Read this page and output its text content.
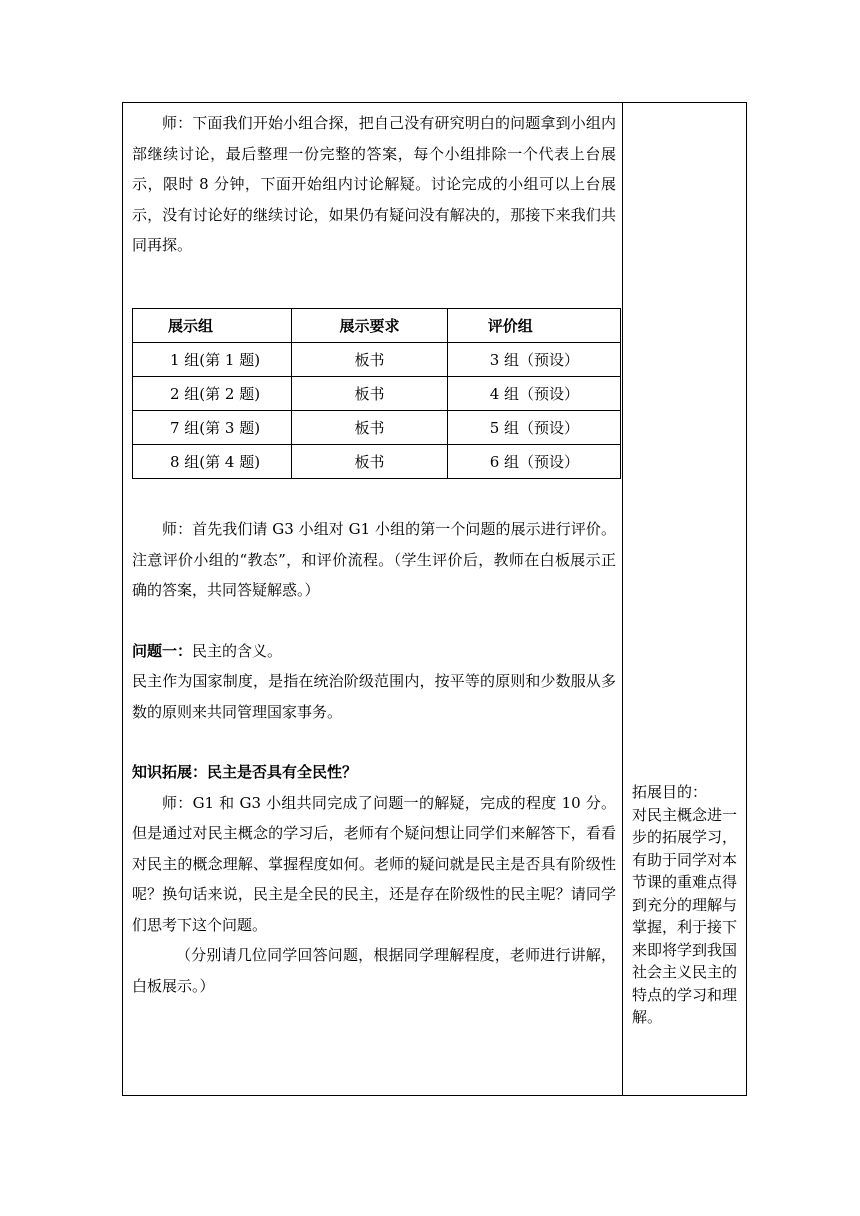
师：下面我们开始小组合探，把自己没有研究明白的问题拿到小组内部继续讨论，最后整理一份完整的答案，每个小组排除一个代表上台展示，限时 8 分钟，下面开始组内讨论解疑。讨论完成的小组可以上台展示，没有讨论好的继续讨论，如果仍有疑问没有解决的，那接下来我们共同再探。

展示组	展示要求	评价组
1 组(第 1 题)	板书	3 组（预设）
2 组(第 2 题)	板书	4 组（预设）
7 组(第 3 题)	板书	5 组（预设）
8 组(第 4 题)	板书	6 组（预设）

师：首先我们请 G3 小组对 G1 小组的第一个问题的展示进行评价。注意评价小组的“教态”，和评价流程。（学生评价后，教师在白板展示正确的答案，共同答疑解惑。）

问题一：民主的含义。

民主作为国家制度，是指在统治阶级范围内，按平等的原则和少数服从多数的原则来共同管理国家事务。

知识拓展：民主是否具有全民性？

师：G1 和 G3 小组共同完成了问题一的解疑，完成的程度 10 分。但是通过对民主概念的学习后，老师有个疑问想让同学们来解答下，看看对民主的概念理解、掌握程度如何。老师的疑问就是民主是否具有阶级性呢？换句话来说，民主是全民的民主，还是存在阶级性的民主呢？请同学们思考下这个问题。

（分别请几位同学回答问题，根据同学理解程度，老师进行讲解，白板展示。）

拓展目的：
对民主概念进一步的拓展学习，有助于同学对本节课的重难点得到充分的理解与掌握，利于接下来即将学到我国社会主义民主的特点的学习和理解。
